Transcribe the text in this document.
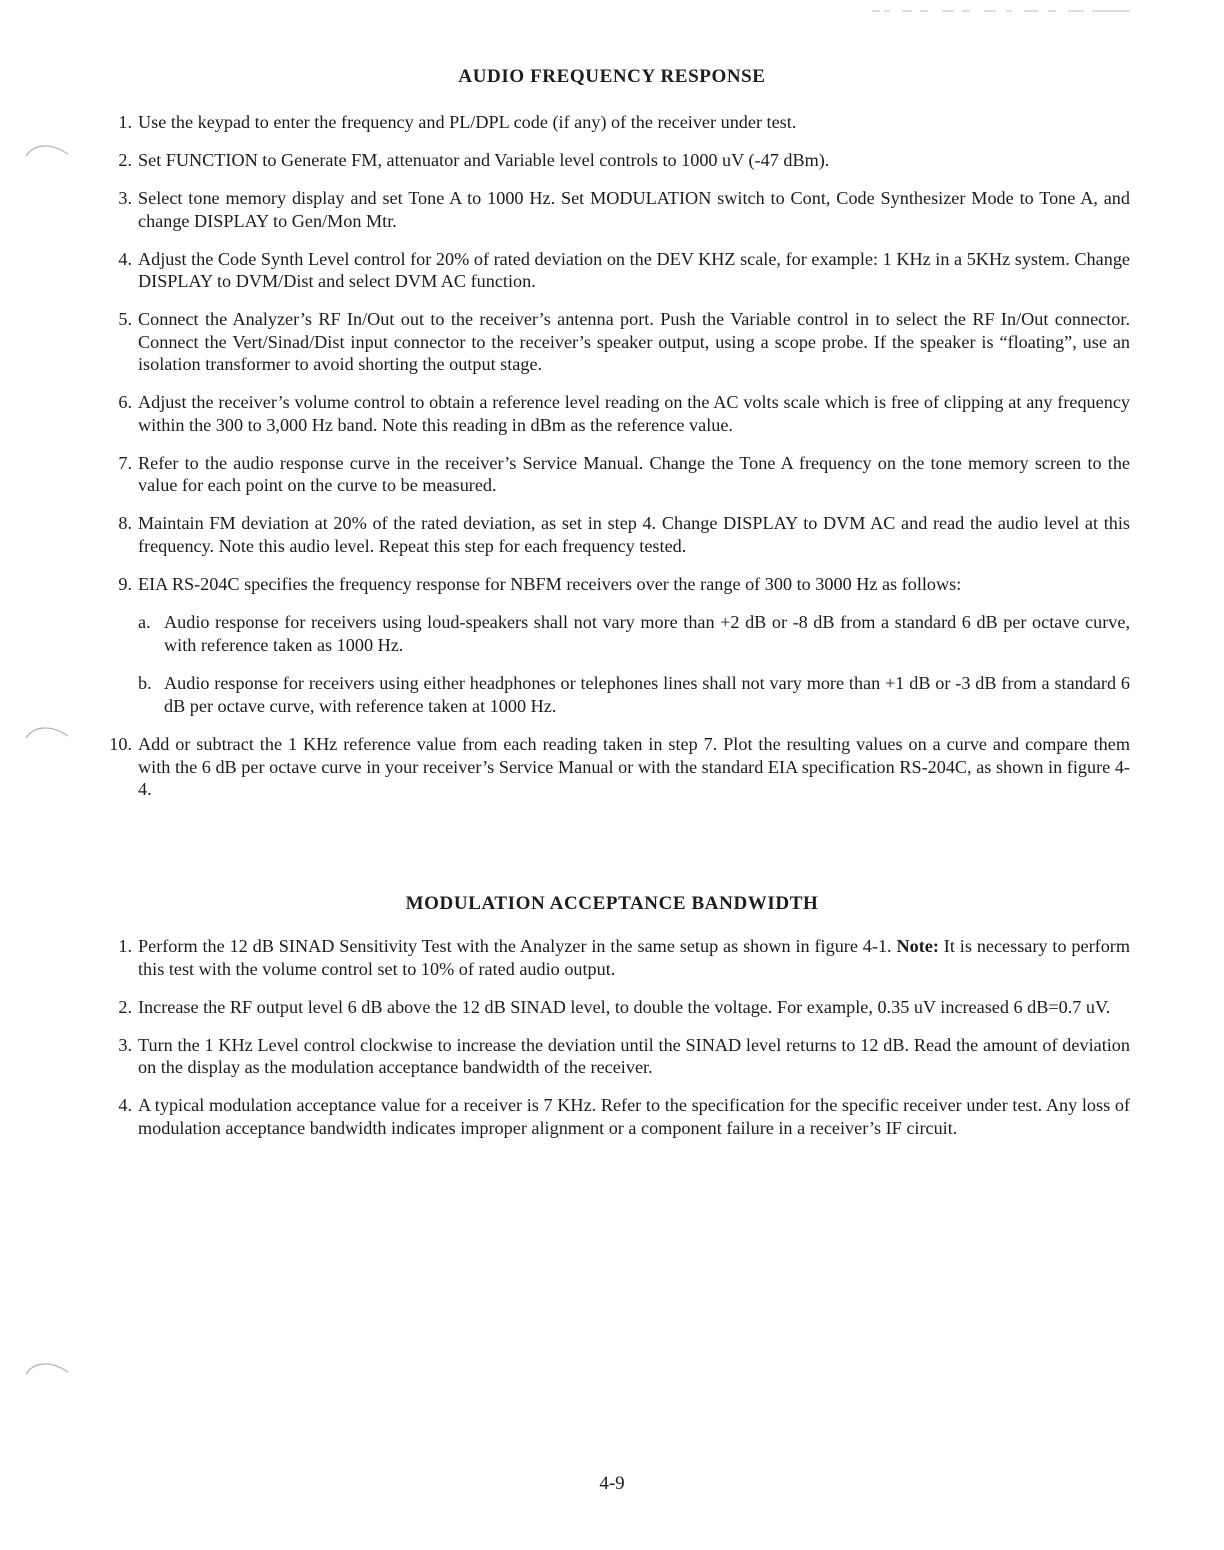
AUDIO FREQUENCY RESPONSE
1. Use the keypad to enter the frequency and PL/DPL code (if any) of the receiver under test.
2. Set FUNCTION to Generate FM, attenuator and Variable level controls to 1000 uV (-47 dBm).
3. Select tone memory display and set Tone A to 1000 Hz. Set MODULATION switch to Cont, Code Synthesizer Mode to Tone A, and change DISPLAY to Gen/Mon Mtr.
4. Adjust the Code Synth Level control for 20% of rated deviation on the DEV KHZ scale, for example: 1 KHz in a 5KHz system. Change DISPLAY to DVM/Dist and select DVM AC function.
5. Connect the Analyzer’s RF In/Out out to the receiver’s antenna port. Push the Variable control in to select the RF In/Out connector. Connect the Vert/Sinad/Dist input connector to the receiver’s speaker output, using a scope probe. If the speaker is “floating”, use an isolation transformer to avoid shorting the output stage.
6. Adjust the receiver’s volume control to obtain a reference level reading on the AC volts scale which is free of clipping at any frequency within the 300 to 3,000 Hz band. Note this reading in dBm as the reference value.
7. Refer to the audio response curve in the receiver’s Service Manual. Change the Tone A frequency on the tone memory screen to the value for each point on the curve to be measured.
8. Maintain FM deviation at 20% of the rated deviation, as set in step 4. Change DISPLAY to DVM AC and read the audio level at this frequency. Note this audio level. Repeat this step for each frequency tested.
9. EIA RS-204C specifies the frequency response for NBFM receivers over the range of 300 to 3000 Hz as follows:
a. Audio response for receivers using loud-speakers shall not vary more than +2 dB or -8 dB from a standard 6 dB per octave curve, with reference taken as 1000 Hz.
b. Audio response for receivers using either headphones or telephones lines shall not vary more than +1 dB or -3 dB from a standard 6 dB per octave curve, with reference taken at 1000 Hz.
10. Add or subtract the 1 KHz reference value from each reading taken in step 7. Plot the resulting values on a curve and compare them with the 6 dB per octave curve in your receiver’s Service Manual or with the standard EIA specification RS-204C, as shown in figure 4-4.
MODULATION ACCEPTANCE BANDWIDTH
1. Perform the 12 dB SINAD Sensitivity Test with the Analyzer in the same setup as shown in figure 4-1. Note: It is necessary to perform this test with the volume control set to 10% of rated audio output.
2. Increase the RF output level 6 dB above the 12 dB SINAD level, to double the voltage. For example, 0.35 uV increased 6 dB=0.7 uV.
3. Turn the 1 KHz Level control clockwise to increase the deviation until the SINAD level returns to 12 dB. Read the amount of deviation on the display as the modulation acceptance bandwidth of the receiver.
4. A typical modulation acceptance value for a receiver is 7 KHz. Refer to the specification for the specific receiver under test. Any loss of modulation acceptance bandwidth indicates improper alignment or a component failure in a receiver’s IF circuit.
4-9
